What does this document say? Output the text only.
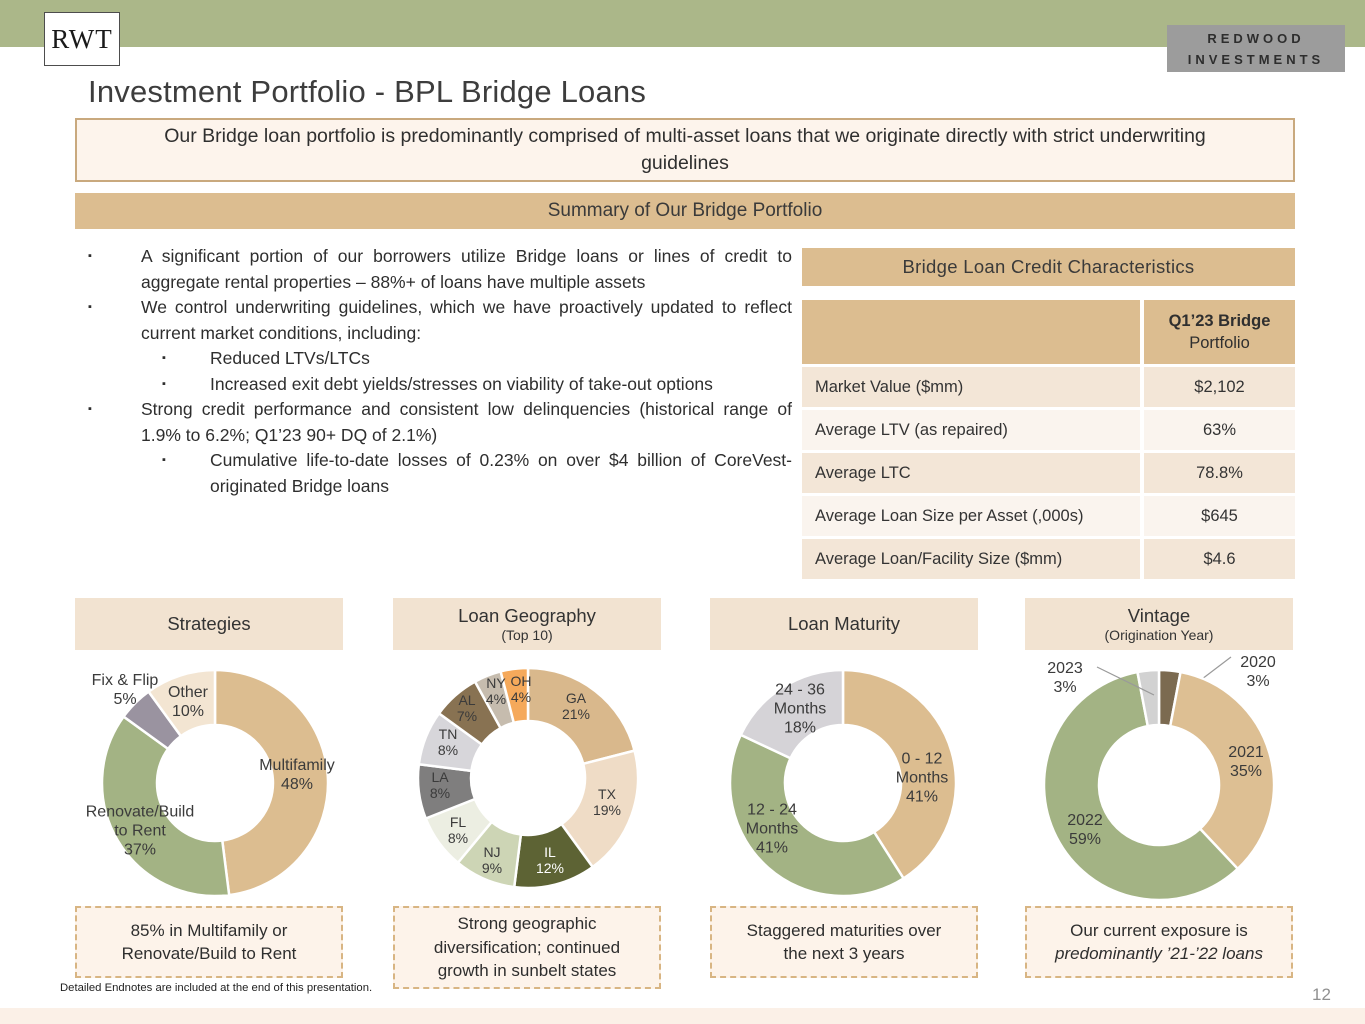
RWT	REDWOOD
INVESTMENTS
Investment Portfolio - BPL Bridge Loans
Our Bridge loan portfolio is predominantly comprised of multi-asset loans that we originate directly with strict underwriting guidelines
Summary of Our Bridge Portfolio
▪	A significant portion of our borrowers utilize Bridge loans or lines of credit to aggregate rental properties – 88%+ of loans have multiple assets
▪	We control underwriting guidelines, which we have proactively updated to reflect current market conditions, including:
▪	Reduced LTVs/LTCs
▪	Increased exit debt yields/stresses on viability of take-out options
▪	Strong credit performance and consistent low delinquencies (historical range of 1.9% to 6.2%; Q1’23 90+ DQ of 2.1%)
▪	Cumulative life-to-date losses of 0.23% on over $4 billion of CoreVest-originated Bridge loans
Bridge Loan Credit Characteristics
Q1’23 Bridge
Portfolio
Market Value ($mm)	$2,102
Average LTV (as repaired)	63%
Average LTC	78.8%
Average Loan Size per Asset (,000s)	$645
Average Loan/Facility Size ($mm)	$4.6
Strategies
Multifamily 48%
Renovate/Build to Rent 37%
Fix & Flip 5%	Other 10%
Loan Geography
(Top 10)
GA 21%
TX 19%
IL 12%
NJ 9%
FL 8%
LA 8%
TN 8%
AL 7%
NY 4%
OH 4%
Loan Maturity
0 - 12 Months 41%
12 - 24 Months 41%
24 - 36 Months 18%
Vintage
(Origination Year)
2020 3%
2021 35%
2022 59%
2023 3%
85% in Multifamily or
Renovate/Build to Rent
Strong geographic
diversification; continued
growth in sunbelt states
Staggered maturities over
the next 3 years
Our current exposure is
predominantly ’21-’22 loans
Detailed Endnotes are included at the end of this presentation.	12
